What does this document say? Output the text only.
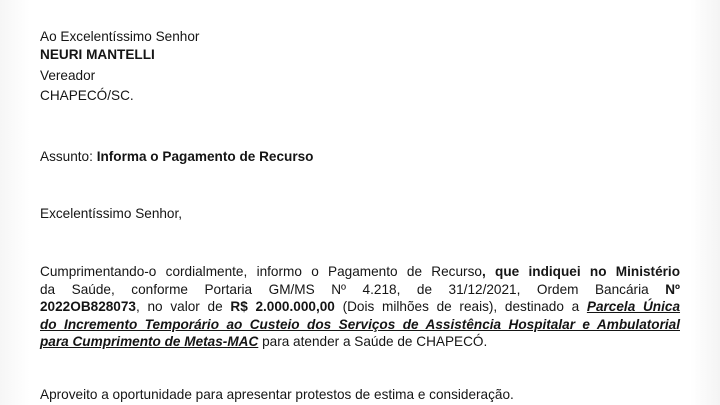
Ao Excelentíssimo Senhor
NEURI MANTELLI
Vereador
CHAPECÓ/SC.
Assunto: Informa o Pagamento de Recurso
Excelentíssimo Senhor,
Cumprimentando-o cordialmente, informo o Pagamento de Recurso, que indiquei no Ministério
da Saúde, conforme Portaria GM/MS Nº 4.218, de 31/12/2021, Ordem Bancária Nº
2022OB828073, no valor de R$ 2.000.000,00 (Dois milhões de reais), destinado a Parcela Única
do Incremento Temporário ao Custeio dos Serviços de Assistência Hospitalar e Ambulatorial
para Cumprimento de Metas-MAC para atender a Saúde de CHAPECÓ.
Aproveito a oportunidade para apresentar protestos de estima e consideração.
